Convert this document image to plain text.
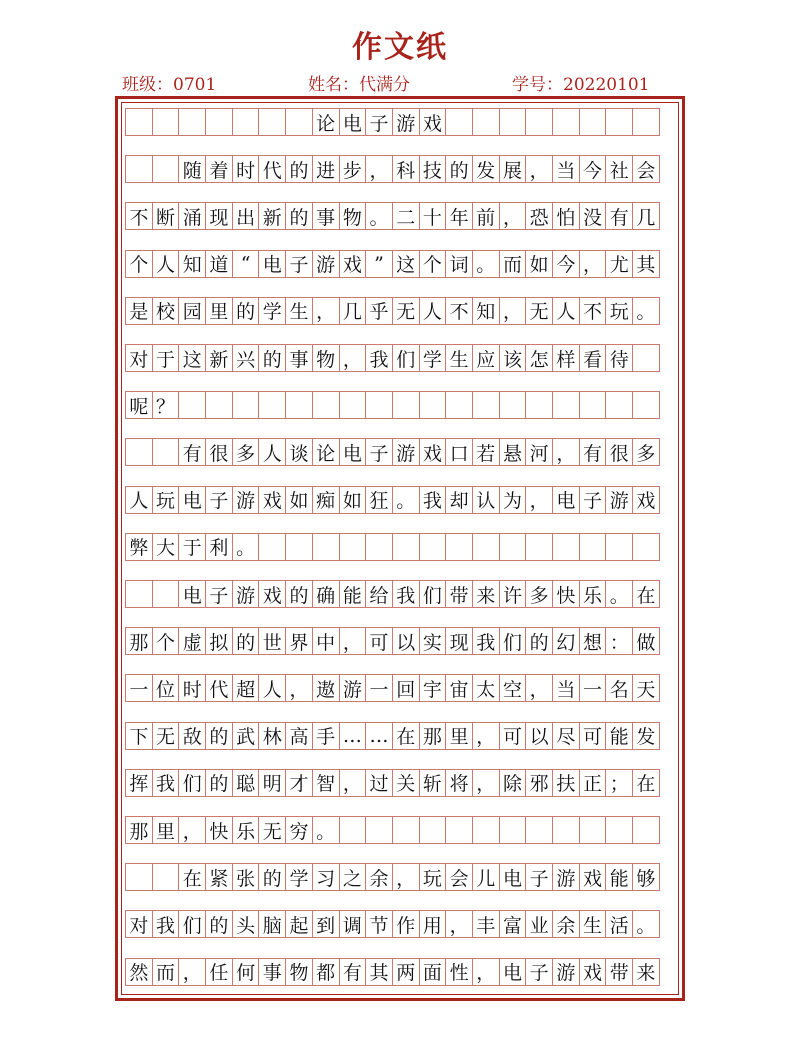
作文纸
班级：0701	姓名：代满分	学号：20220101
论 电 子 游 戏
随 着 时 代 的 进 步 ， 科 技 的 发 展 ， 当 今 社 会
不 断 涌 现 出 新 的 事 物 。 二 十 年 前 ， 恐 怕 没 有 几
个 人 知 道 “ 电 子 游 戏 ” 这 个 词 。 而 如 今 ， 尤 其
是 校 园 里 的 学 生 ， 几 乎 无 人 不 知 ， 无 人 不 玩 。
对 于 这 新 兴 的 事 物 ， 我 们 学 生 应 该 怎 样 看 待
呢 ？
有 很 多 人 谈 论 电 子 游 戏 口 若 悬 河 ， 有 很 多
人 玩 电 子 游 戏 如 痴 如 狂 。 我 却 认 为 ， 电 子 游 戏
弊 大 于 利 。
电 子 游 戏 的 确 能 给 我 们 带 来 许 多 快 乐 。 在
那 个 虚 拟 的 世 界 中 ， 可 以 实 现 我 们 的 幻 想 ： 做
一 位 时 代 超 人 ， 遨 游 一 回 宇 宙 太 空 ， 当 一 名 天
下 无 敌 的 武 林 高 手 … … 在 那 里 ， 可 以 尽 可 能 发
挥 我 们 的 聪 明 才 智 ， 过 关 斩 将 ， 除 邪 扶 正 ； 在
那 里 ， 快 乐 无 穷 。
在 紧 张 的 学 习 之 余 ， 玩 会 儿 电 子 游 戏 能 够
对 我 们 的 头 脑 起 到 调 节 作 用 ， 丰 富 业 余 生 活 。
然 而 ， 任 何 事 物 都 有 其 两 面 性 ， 电 子 游 戏 带 来
